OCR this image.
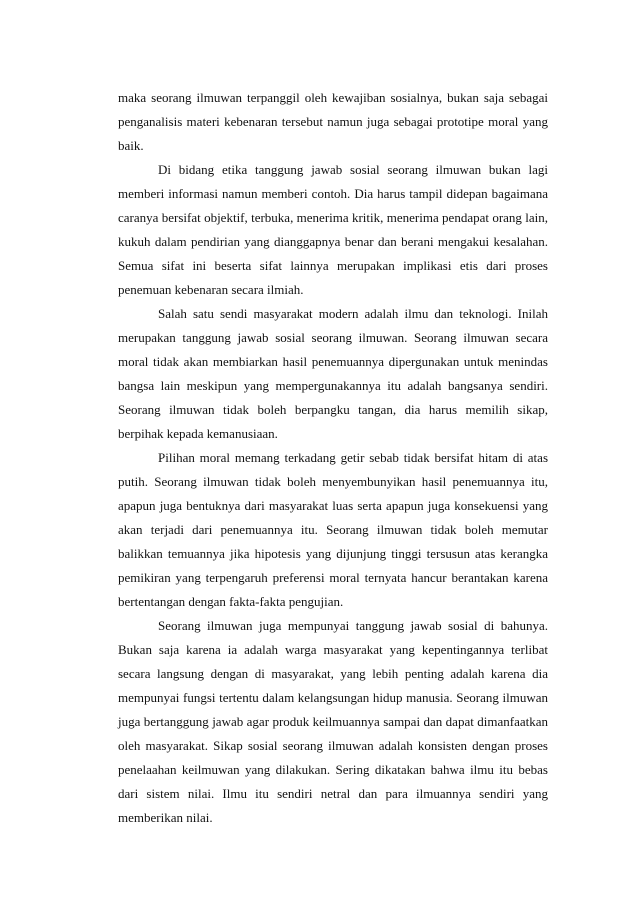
maka seorang ilmuwan terpanggil oleh kewajiban sosialnya, bukan saja sebagai
penganalisis materi kebenaran tersebut namun juga sebagai prototipe moral yang
baik.
Di bidang etika tanggung jawab sosial seorang ilmuwan bukan lagi
memberi informasi namun memberi contoh. Dia harus tampil didepan bagaimana
caranya bersifat objektif, terbuka, menerima kritik, menerima pendapat orang lain,
kukuh dalam pendirian yang dianggapnya benar dan berani mengakui kesalahan.
Semua sifat ini beserta sifat lainnya merupakan implikasi etis dari proses
penemuan kebenaran secara ilmiah.
Salah satu sendi masyarakat modern adalah ilmu dan teknologi. Inilah
merupakan tanggung jawab sosial seorang ilmuwan. Seorang ilmuwan secara
moral tidak akan membiarkan hasil penemuannya dipergunakan untuk menindas
bangsa lain meskipun yang mempergunakannya itu adalah bangsanya sendiri.
Seorang ilmuwan tidak boleh berpangku tangan, dia harus memilih sikap,
berpihak kepada kemanusiaan.
Pilihan moral memang terkadang getir sebab tidak bersifat hitam di atas
putih. Seorang ilmuwan tidak boleh menyembunyikan hasil penemuannya itu,
apapun juga bentuknya dari masyarakat luas serta apapun juga konsekuensi yang
akan terjadi dari penemuannya itu. Seorang ilmuwan tidak boleh memutar
balikkan temuannya jika hipotesis yang dijunjung tinggi tersusun atas kerangka
pemikiran yang terpengaruh preferensi moral ternyata hancur berantakan karena
bertentangan dengan fakta-fakta pengujian.
Seorang ilmuwan juga mempunyai tanggung jawab sosial di bahunya.
Bukan saja karena ia adalah warga masyarakat yang kepentingannya terlibat
secara langsung dengan di masyarakat, yang lebih penting adalah karena dia
mempunyai fungsi tertentu dalam kelangsungan hidup manusia. Seorang ilmuwan
juga bertanggung jawab agar produk keilmuannya sampai dan dapat dimanfaatkan
oleh masyarakat. Sikap sosial seorang ilmuwan adalah konsisten dengan proses
penelaahan keilmuwan yang dilakukan. Sering dikatakan bahwa ilmu itu bebas
dari sistem nilai. Ilmu itu sendiri netral dan para ilmuannya sendiri yang
memberikan nilai.
